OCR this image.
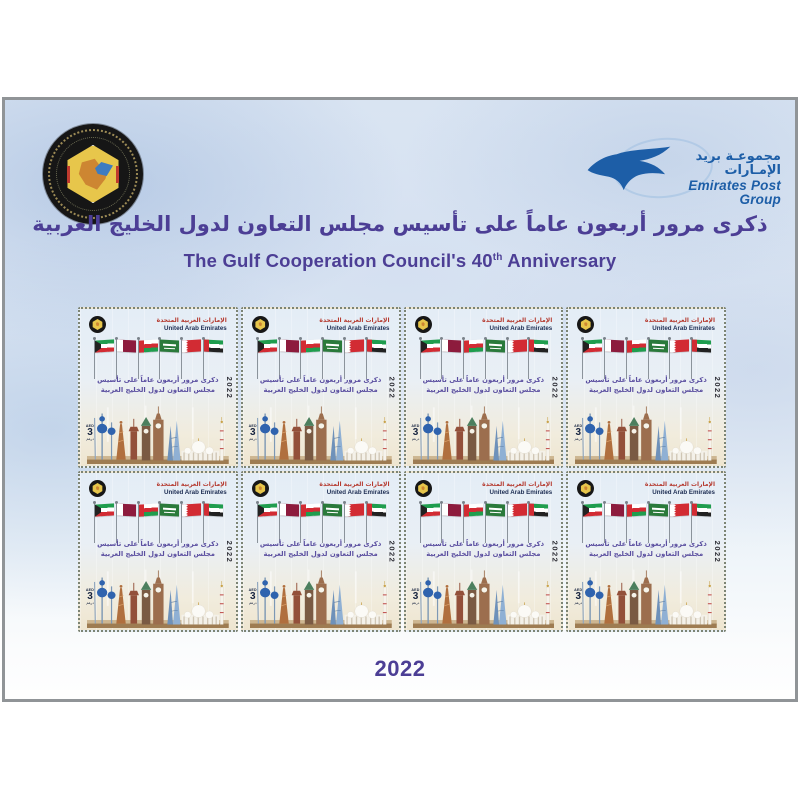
مجموعـة بريد الإمـارات
Emirates Post Group
ذكرى مرور أربعون عاماً على تأسيس مجلس التعاون لدول الخليج العربية
The Gulf Cooperation Council's 40th Anniversary
الإمارات العربية المتحدة
United Arab Emirates
ذكرى مرور أربعون عاماً على تأسيس
مجلس التعاون لدول الخليج العربية
AED
3
درهم
2022
الإمارات العربية المتحدة
United Arab Emirates
ذكرى مرور أربعون عاماً على تأسيس
مجلس التعاون لدول الخليج العربية
AED
3
درهم
2022
الإمارات العربية المتحدة
United Arab Emirates
ذكرى مرور أربعون عاماً على تأسيس
مجلس التعاون لدول الخليج العربية
AED
3
درهم
2022
الإمارات العربية المتحدة
United Arab Emirates
ذكرى مرور أربعون عاماً على تأسيس
مجلس التعاون لدول الخليج العربية
AED
3
درهم
2022
الإمارات العربية المتحدة
United Arab Emirates
ذكرى مرور أربعون عاماً على تأسيس
مجلس التعاون لدول الخليج العربية
AED
3
درهم
2022
الإمارات العربية المتحدة
United Arab Emirates
ذكرى مرور أربعون عاماً على تأسيس
مجلس التعاون لدول الخليج العربية
AED
3
درهم
2022
الإمارات العربية المتحدة
United Arab Emirates
ذكرى مرور أربعون عاماً على تأسيس
مجلس التعاون لدول الخليج العربية
AED
3
درهم
2022
الإمارات العربية المتحدة
United Arab Emirates
ذكرى مرور أربعون عاماً على تأسيس
مجلس التعاون لدول الخليج العربية
AED
3
درهم
2022
2022
